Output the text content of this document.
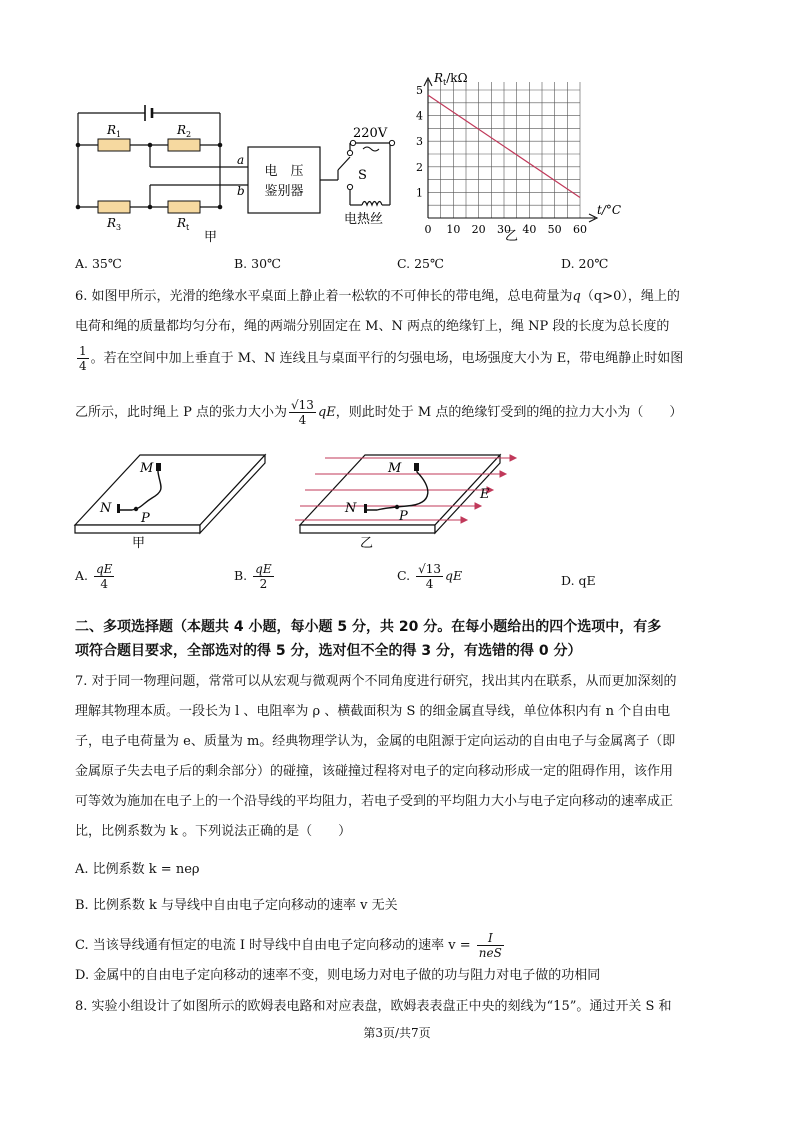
$R_1$	$R_2$
$R_3$	$R_t$
a
b
电　压
鉴别器
220V
S
电热丝
甲
0 10 20 30 40 50 60
1
2
3
4
5
$R_t/k\Omega$
t/°C
乙
A. 35℃	B. 30℃	C. 25℃	D. 20℃
6. 如图甲所示，光滑的绝缘水平桌面上静止着一松软的不可伸长的带电绳，总电荷量为q（q>0），绳上的
电荷和绳的质量都均匀分布，绳的两端分别固定在 M、N 两点的绝缘钉上，绳 NP 段的长度为总长度的
$\frac{1}{4}$ 。若在空间中加上垂直于 M、N 连线且与桌面平行的匀强电场，电场强度大小为 E，带电绳静止时如图
乙所示，此时绳上 P 点的张力大小为 $\frac{√13}{4}$ qE，则此时处于 M 点的绝缘钉受到的绳的拉力大小为（　　）
M
N
P
甲
M
N
P
E
乙
A. $\frac{qE}{4}$	B. $\frac{qE}{2}$	C. $\frac{√13}{4}$ qE	D. qE
二、多项选择题（本题共 4 小题，每小题 5 分，共 20 分。在每小题给出的四个选项中，有多
项符合题目要求，全部选对的得 5 分，选对但不全的得 3 分，有选错的得 0 分）
7. 对于同一物理问题，常常可以从宏观与微观两个不同角度进行研究，找出其内在联系，从而更加深刻的
理解其物理本质。一段长为 l 、电阻率为 ρ 、横截面积为 S 的细金属直导线，单位体积内有 n 个自由电
子，电子电荷量为 e、质量为 m。经典物理学认为，金属的电阻源于定向运动的自由电子与金属离子（即
金属原子失去电子后的剩余部分）的碰撞，该碰撞过程将对电子的定向移动形成一定的阻碍作用，该作用
可等效为施加在电子上的一个沿导线的平均阻力，若电子受到的平均阻力大小与电子定向移动的速率成正
比，比例系数为 k 。下列说法正确的是（　　）
A. 比例系数 k = neρ
B. 比例系数 k 与导线中自由电子定向移动的速率 v 无关
C. 当该导线通有恒定的电流 I 时导线中自由电子定向移动的速率 $v = \frac{I}{\text{neS}}$
D. 金属中的自由电子定向移动的速率不变，则电场力对电子做的功与阻力对电子做的功相同
8. 实验小组设计了如图所示的欧姆表电路和对应表盘，欧姆表表盘正中央的刻线为“15”。通过开关 S 和
第3页/共7页
